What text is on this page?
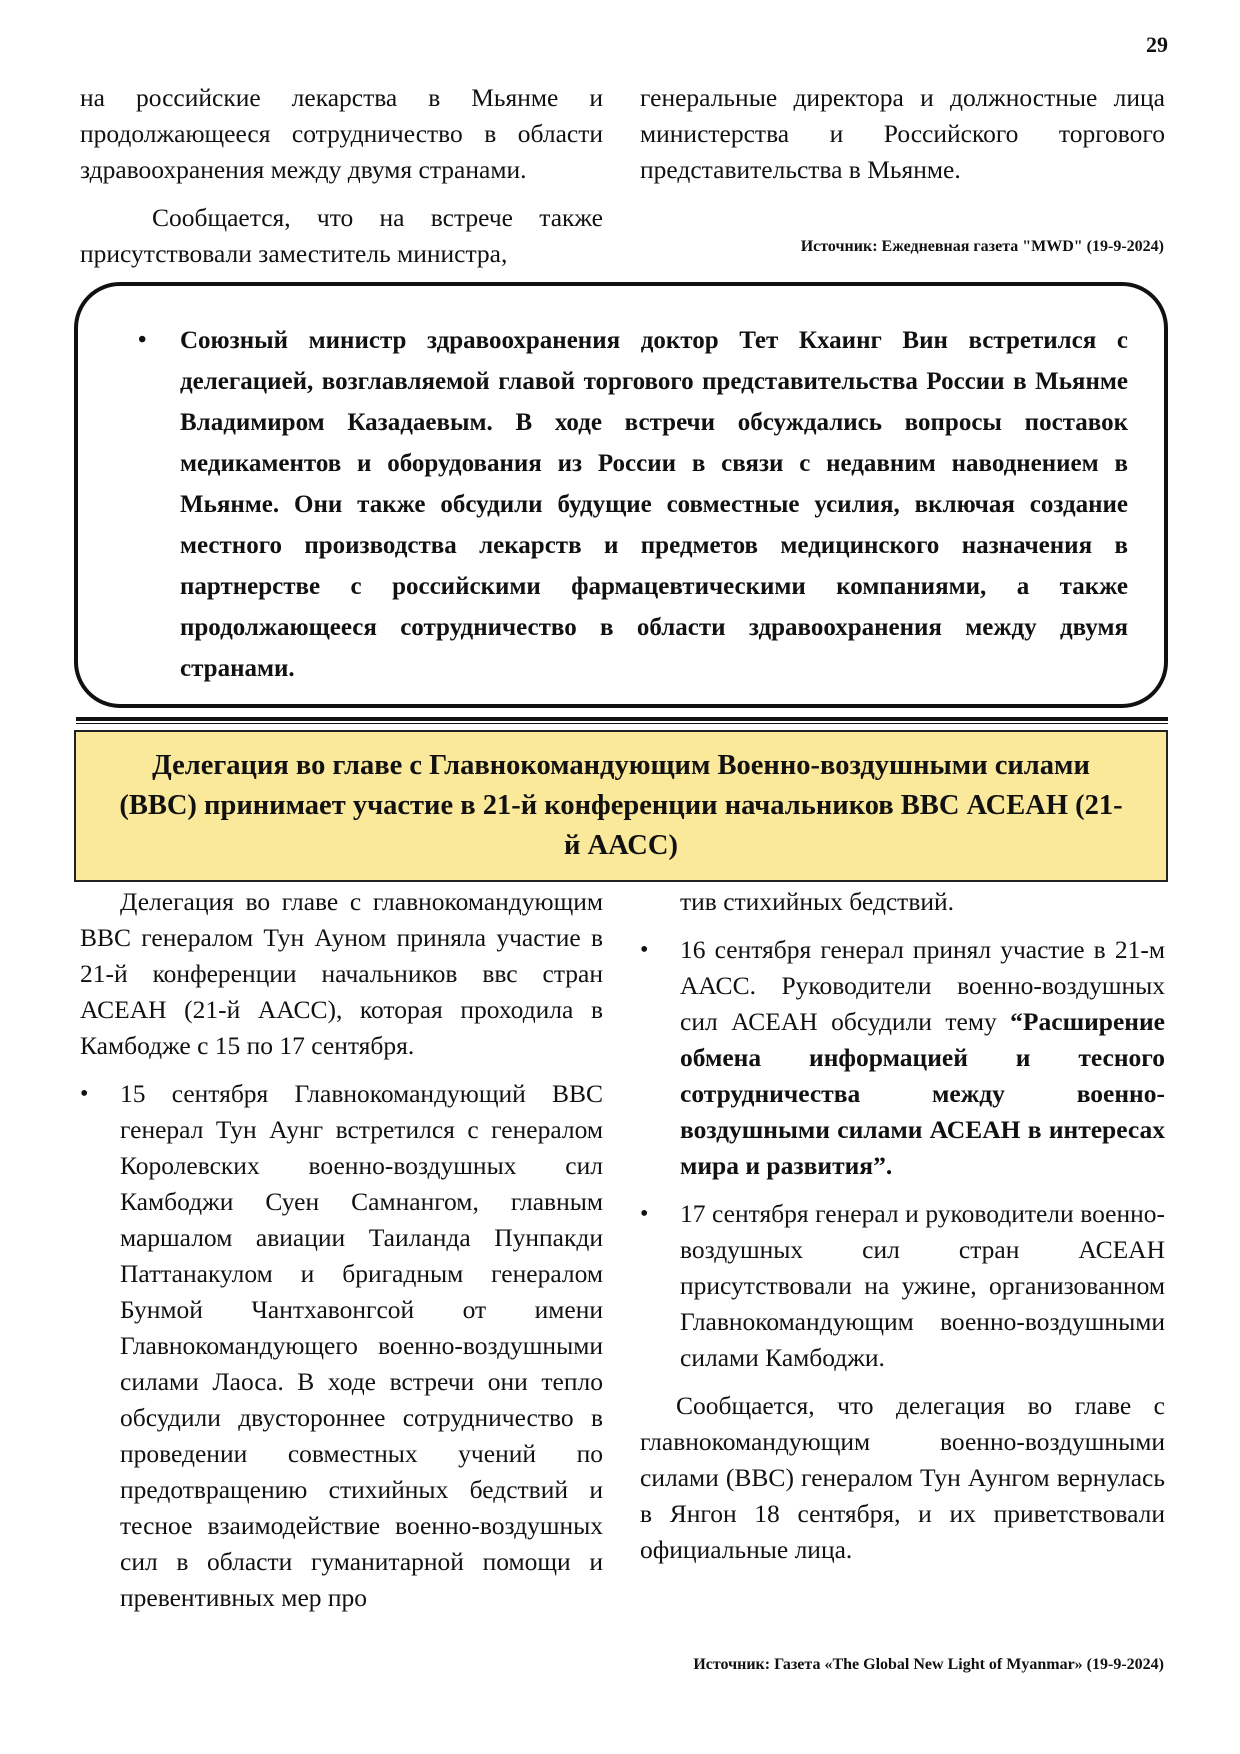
29

на российские лекарства в Мьянме и продолжающееся сотрудничество в области здравоохранения между двумя странами.

Сообщается, что на встрече также присутствовали заместитель министра,

генеральные директора и должностные лица министерства и Российского торгового представительства в Мьянме.

Источник: Ежедневная газета "MWD" (19-9-2024)
•	Союзный министр здравоохранения доктор Тет Кхаинг Вин встретился с делегацией, возглавляемой главой торгового представительства России в Мьянме Владимиром Казадаевым. В ходе встречи обсуждались вопросы поставок медикаментов и оборудования из России в связи с недавним наводнением в Мьянме. Они также обсудили будущие совместные усилия, включая создание местного производства лекарств и предметов медицинского назначения в партнерстве с российскими фармацевтическими компаниями, а также продолжающееся сотрудничество в области здравоохранения между двумя странами.

Делегация во главе с Главнокомандующим Военно-воздушными силами (ВВС) принимает участие в 21-й конференции начальников ВВС АСЕАН (21-й ААСС)

Делегация во главе с главнокомандующим ВВС генералом Тун Ауном приняла участие в 21-й конференции начальников ввс стран АСЕАН (21-й ААСС), которая проходила в Камбодже с 15 по 17 сентября.

• 15 сентября Главнокомандующий ВВС генерал Тун Аунг встретился с генералом Королевских военно-воздушных сил Камбоджи Суен Самнангом, главным маршалом авиации Таиланда Пунпакди Паттанакулом и бригадным генералом Бунмой Чантхавонгсой от имени Главнокомандующего военно-воздушными силами Лаоса. В ходе встречи они тепло обсудили двустороннее сотрудничество в проведении совместных учений по предотвращению стихийных бедствий и тесное взаимодействие военно-воздушных сил в области гуманитарной помощи и превентивных мер про

тив стихийных бедствий.

• 16 сентября генерал принял участие в 21-м ААСС. Руководители военно-воздушных сил АСЕАН обсудили тему “Расширение обмена информацией и тесного сотрудничества между военно-воздушными силами АСЕАН в интересах мира и развития”.
• 17 сентября генерал и руководители военно-воздушных сил стран АСЕАН присутствовали на ужине, организованном Главнокомандующим военно-воздушными силами Камбоджи.

Сообщается, что делегация во главе с главнокомандующим военно-воздушными силами (ВВС) генералом Тун Аунгом вернулась в Янгон 18 сентября, и их приветствовали официальные лица.

Источник: Газета «The Global New Light of Myanmar» (19-9-2024)
